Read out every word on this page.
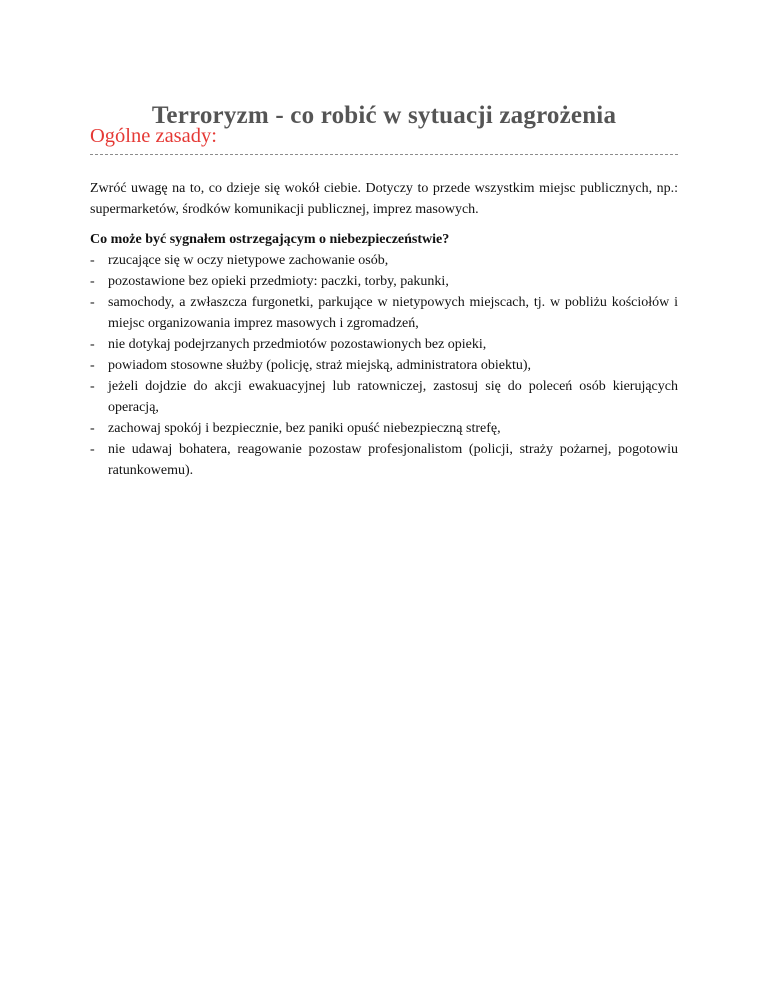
Terroryzm - co robić w sytuacji zagrożenia
Ogólne zasady:

Zwróć uwagę na to, co dzieje się wokół ciebie. Dotyczy to przede wszystkim miejsc publicznych, np.: supermarketów, środków komunikacji publicznej, imprez masowych.

Co może być sygnałem ostrzegającym o niebezpieczeństwie?
- rzucające się w oczy nietypowe zachowanie osób,
- pozostawione bez opieki przedmioty: paczki, torby, pakunki,
- samochody, a zwłaszcza furgonetki, parkujące w nietypowych miejscach, tj. w pobliżu kościołów i miejsc organizowania imprez masowych i zgromadzeń,
- nie dotykaj podejrzanych przedmiotów pozostawionych bez opieki,
- powiadom stosowne służby (policję, straż miejską, administratora obiektu),
- jeżeli dojdzie do akcji ewakuacyjnej lub ratowniczej, zastosuj się do poleceń osób kierujących operacją,
- zachowaj spokój i bezpiecznie, bez paniki opuść niebezpieczną strefę,
- nie udawaj bohatera, reagowanie pozostaw profesjonalistom (policji, straży pożarnej, pogotowiu ratunkowemu).
